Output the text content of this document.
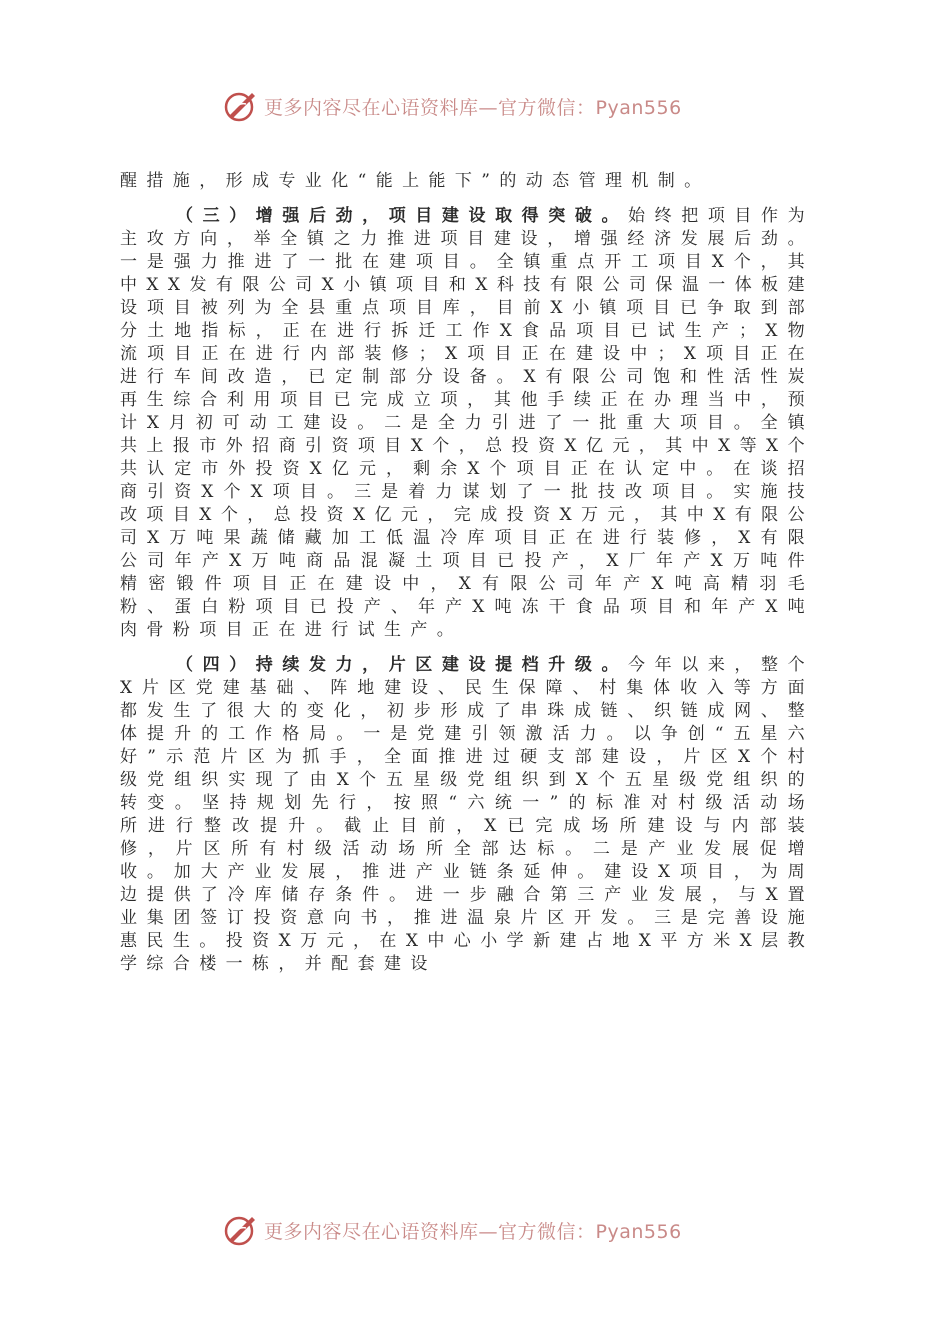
更多内容尽在心语资料库—官方微信：Pyan556

醒措施，形成专业化“能上能下”的动态管理机制。

（三）增强后劲，项目建设取得突破。始终把项目作为主攻方向，举全镇之力推进项目建设，增强经济发展后劲。一是强力推进了一批在建项目。全镇重点开工项目X个，其中XX发有限公司X小镇项目和X科技有限公司保温一体板建设项目被列为全县重点项目库，目前X小镇项目已争取到部分土地指标，正在进行拆迁工作X食品项目已试生产；X物流项目正在进行内部装修；X项目正在建设中；X项目正在进行车间改造，已定制部分设备。X有限公司饱和性活性炭再生综合利用项目已完成立项，其他手续正在办理当中，预计X月初可动工建设。二是全力引进了一批重大项目。全镇共上报市外招商引资项目X个，总投资X亿元，其中X等X个共认定市外投资X亿元，剩余X个项目正在认定中。在谈招商引资X个X项目。三是着力谋划了一批技改项目。实施技改项目X个，总投资X亿元，完成投资X万元，其中X有限公司X万吨果蔬储藏加工低温冷库项目正在进行装修，X有限公司年产X万吨商品混凝土项目已投产，X厂年产X万吨件精密锻件项目正在建设中，X有限公司年产X吨高精羽毛粉、蛋白粉项目已投产、年产X吨冻干食品项目和年产X吨肉骨粉项目正在进行试生产。

（四）持续发力，片区建设提档升级。今年以来，整个X片区党建基础、阵地建设、民生保障、村集体收入等方面都发生了很大的变化，初步形成了串珠成链、织链成网、整体提升的工作格局。一是党建引领激活力。以争创“五星六好”示范片区为抓手，全面推进过硬支部建设，片区X个村级党组织实现了由X个五星级党组织到X个五星级党组织的转变。坚持规划先行，按照“六统一”的标准对村级活动场所进行整改提升。截止目前，X已完成场所建设与内部装修，片区所有村级活动场所全部达标。二是产业发展促增收。加大产业发展，推进产业链条延伸。建设X项目，为周边提供了冷库储存条件。进一步融合第三产业发展，与X置业集团签订投资意向书，推进温泉片区开发。三是完善设施惠民生。投资X万元，在X中心小学新建占地X平方米X层教学综合楼一栋，并配套建设

更多内容尽在心语资料库—官方微信：Pyan556
